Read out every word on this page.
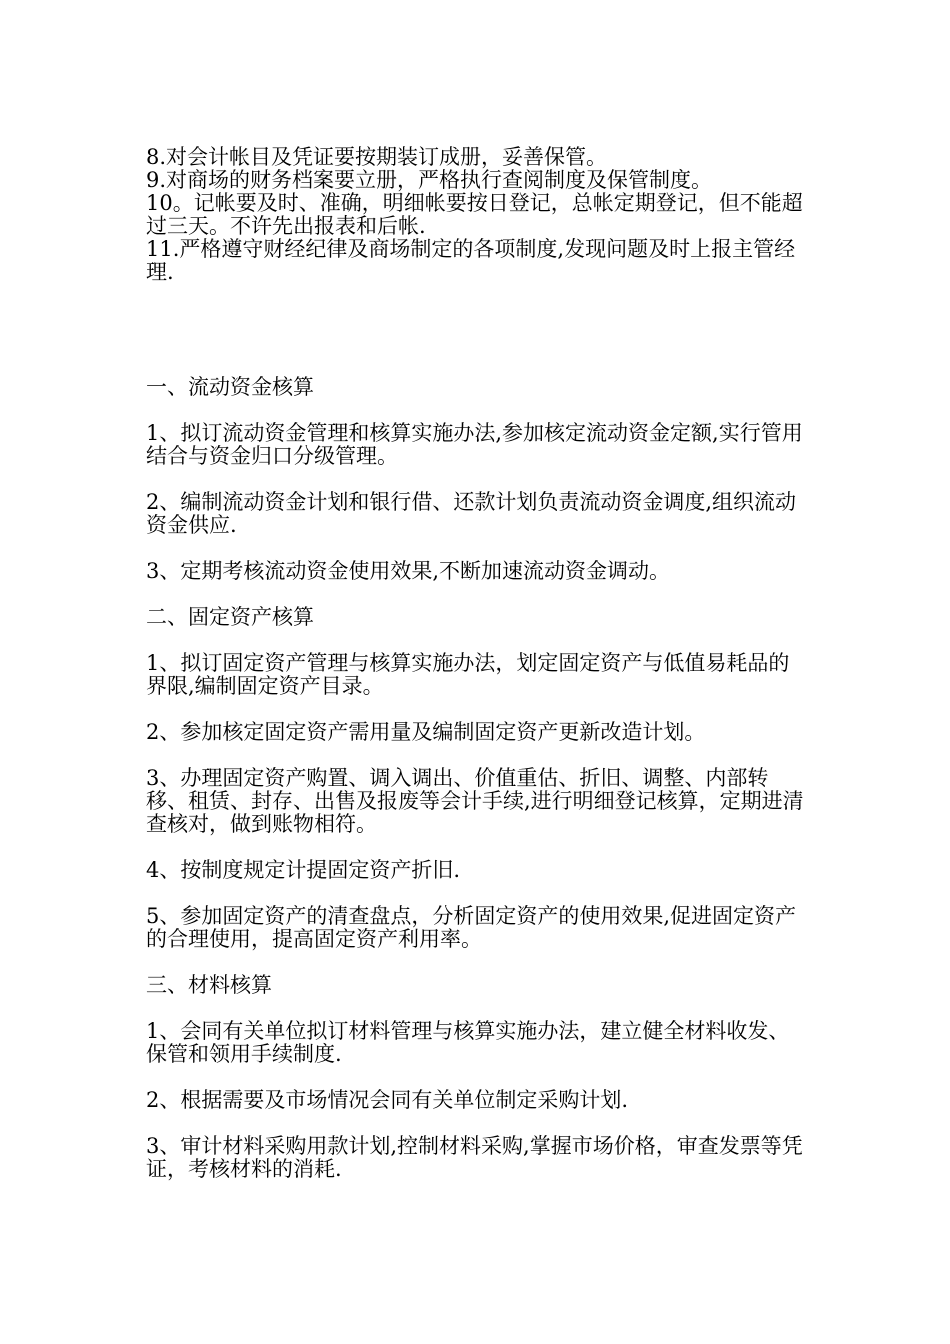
8.对会计帐目及凭证要按期装订成册，妥善保管。

9.对商场的财务档案要立册，严格执行查阅制度及保管制度。

10。记帐要及时、准确，明细帐要按日登记，总帐定期登记，但不能超过三天。不许先出报表和后帐.

11.严格遵守财经纪律及商场制定的各项制度,发现问题及时上报主管经理.

一、流动资金核算

1、拟订流动资金管理和核算实施办法,参加核定流动资金定额,实行管用结合与资金归口分级管理。

2、编制流动资金计划和银行借、还款计划负责流动资金调度,组织流动资金供应.

3、定期考核流动资金使用效果,不断加速流动资金调动。

二、固定资产核算

1、拟订固定资产管理与核算实施办法，划定固定资产与低值易耗品的界限,编制固定资产目录。

2、参加核定固定资产需用量及编制固定资产更新改造计划。

3、办理固定资产购置、调入调出、价值重估、折旧、调整、内部转移、租赁、封存、出售及报废等会计手续,进行明细登记核算，定期进清查核对，做到账物相符。

4、按制度规定计提固定资产折旧.

5、参加固定资产的清查盘点，分析固定资产的使用效果,促进固定资产的合理使用，提高固定资产利用率。

三、材料核算

1、会同有关单位拟订材料管理与核算实施办法，建立健全材料收发、保管和领用手续制度.

2、根据需要及市场情况会同有关单位制定采购计划.

3、审计材料采购用款计划,控制材料采购,掌握市场价格，审查发票等凭证，考核材料的消耗.
